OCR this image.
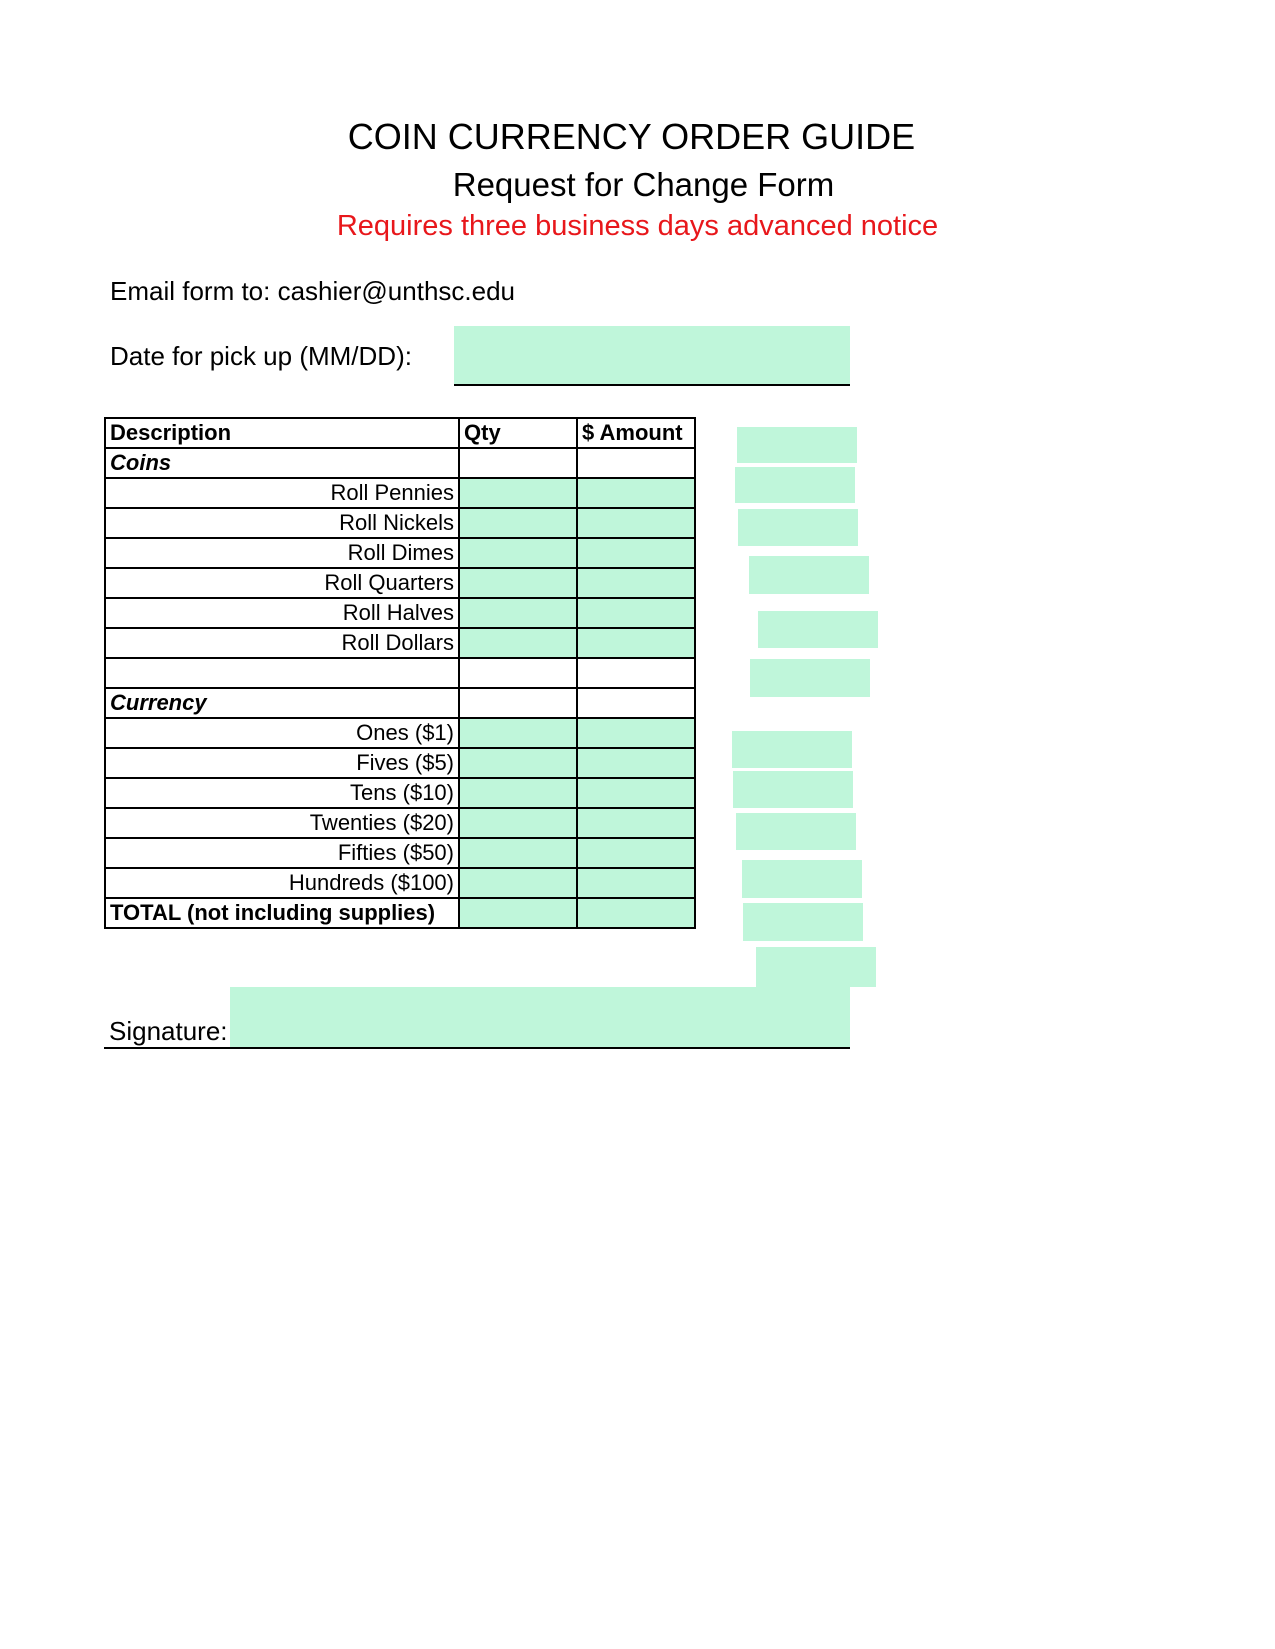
COIN CURRENCY ORDER GUIDE
Request for Change Form
Requires three business days advanced notice
Email form to: cashier@unthsc.edu
Date for pick up (MM/DD):
Description	Qty	$ Amount
Coins		
Roll Pennies		
Roll Nickels		
Roll Dimes		
Roll Quarters		
Roll Halves		
Roll Dollars		

Currency		
Ones ($1)		
Fives ($5)		
Tens ($10)		
Twenties ($20)		
Fifties ($50)		
Hundreds ($100)		
TOTAL (not including supplies)		
Signature:
